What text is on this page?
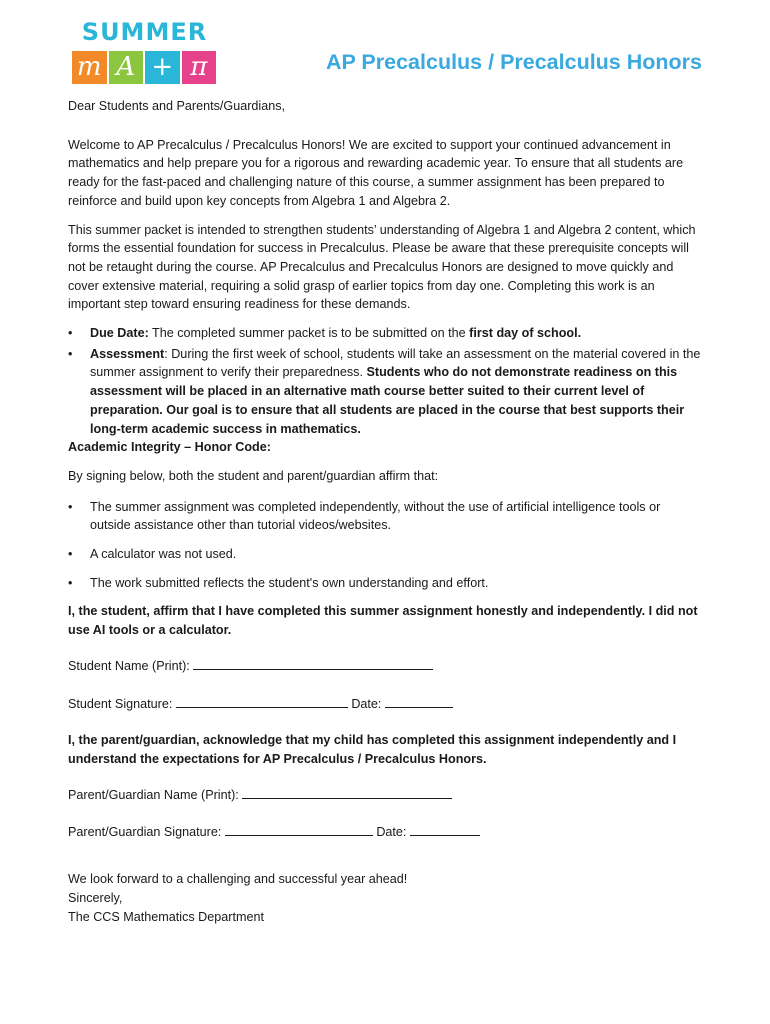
SUMMER
m A + π	AP Precalculus / Precalculus Honors

Dear Students and Parents/Guardians,

Welcome to AP Precalculus / Precalculus Honors! We are excited to support your continued advancement in mathematics and help prepare you for a rigorous and rewarding academic year. To ensure that all students are ready for the fast-paced and challenging nature of this course, a summer assignment has been prepared to reinforce and build upon key concepts from Algebra 1 and Algebra 2.

This summer packet is intended to strengthen students’ understanding of Algebra 1 and Algebra 2 content, which forms the essential foundation for success in Precalculus. Please be aware that these prerequisite concepts will not be retaught during the course. AP Precalculus and Precalculus Honors are designed to move quickly and cover extensive material, requiring a solid grasp of earlier topics from day one. Completing this work is an important step toward ensuring readiness for these demands.

• Due Date: The completed summer packet is to be submitted on the first day of school.
• Assessment: During the first week of school, students will take an assessment on the material covered in the summer assignment to verify their preparedness. Students who do not demonstrate readiness on this assessment will be placed in an alternative math course better suited to their current level of preparation. Our goal is to ensure that all students are placed in the course that best supports their long-term academic success in mathematics.

Academic Integrity – Honor Code:

By signing below, both the student and parent/guardian affirm that:

• The summer assignment was completed independently, without the use of artificial intelligence tools or outside assistance other than tutorial videos/websites.
• A calculator was not used.
• The work submitted reflects the student's own understanding and effort.

I, the student, affirm that I have completed this summer assignment honestly and independently. I did not use AI tools or a calculator.

Student Name (Print):
Student Signature:	Date:

I, the parent/guardian, acknowledge that my child has completed this assignment independently and I understand the expectations for AP Precalculus / Precalculus Honors.

Parent/Guardian Name (Print):
Parent/Guardian Signature:	Date:

We look forward to a challenging and successful year ahead!

Sincerely,

The CCS Mathematics Department
